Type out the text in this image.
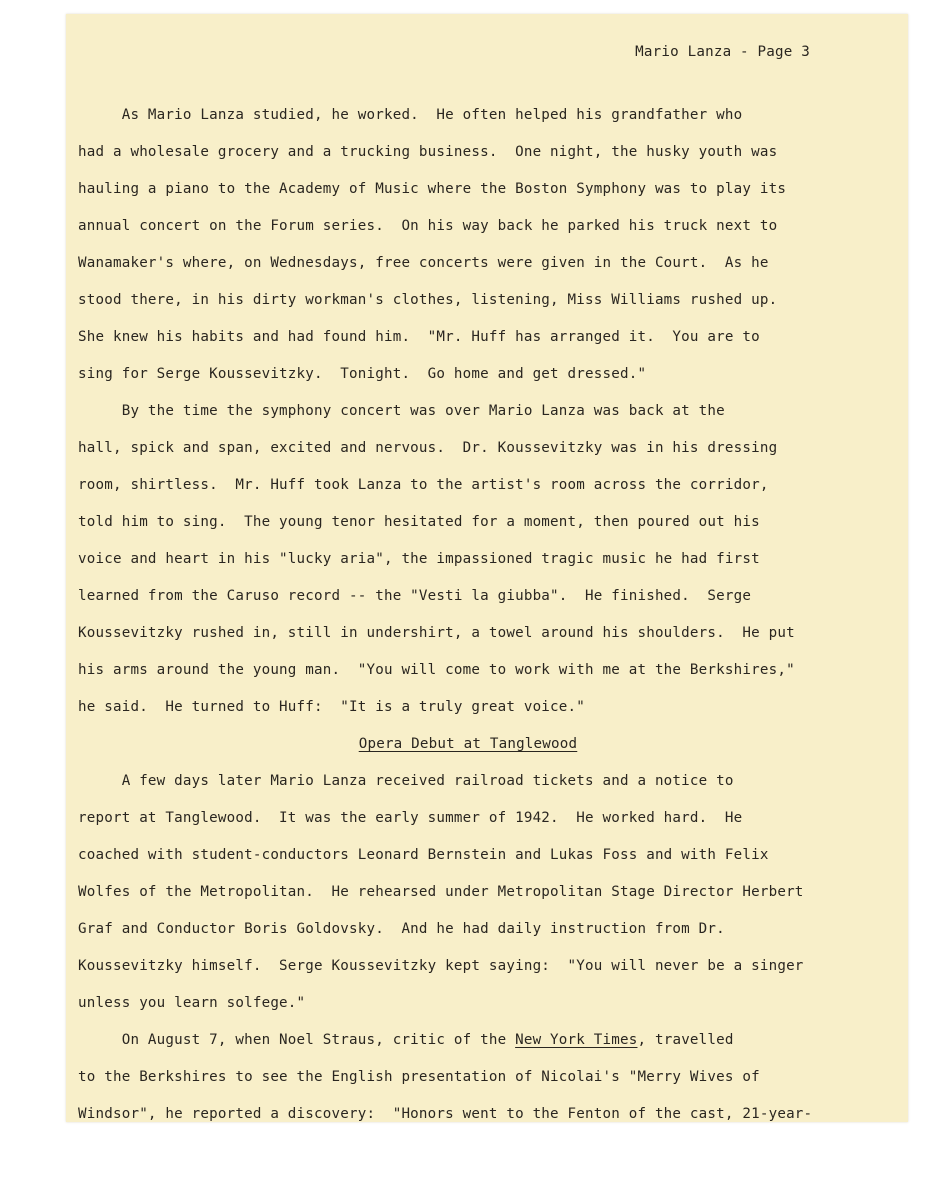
Mario Lanza - Page 3
As Mario Lanza studied, he worked.  He often helped his grandfather who
had a wholesale grocery and a trucking business.  One night, the husky youth was
hauling a piano to the Academy of Music where the Boston Symphony was to play its
annual concert on the Forum series.  On his way back he parked his truck next to
Wanamaker's where, on Wednesdays, free concerts were given in the Court.  As he
stood there, in his dirty workman's clothes, listening, Miss Williams rushed up.
She knew his habits and had found him.  "Mr. Huff has arranged it.  You are to
sing for Serge Koussevitzky.  Tonight.  Go home and get dressed."
By the time the symphony concert was over Mario Lanza was back at the
hall, spick and span, excited and nervous.  Dr. Koussevitzky was in his dressing
room, shirtless.  Mr. Huff took Lanza to the artist's room across the corridor,
told him to sing.  The young tenor hesitated for a moment, then poured out his
voice and heart in his "lucky aria", the impassioned tragic music he had first
learned from the Caruso record -- the "Vesti la giubba".  He finished.  Serge
Koussevitzky rushed in, still in undershirt, a towel around his shoulders.  He put
his arms around the young man.  "You will come to work with me at the Berkshires,"
he said.  He turned to Huff:  "It is a truly great voice."
Opera Debut at Tanglewood
A few days later Mario Lanza received railroad tickets and a notice to
report at Tanglewood.  It was the early summer of 1942.  He worked hard.  He
coached with student-conductors Leonard Bernstein and Lukas Foss and with Felix
Wolfes of the Metropolitan.  He rehearsed under Metropolitan Stage Director Herbert
Graf and Conductor Boris Goldovsky.  And he had daily instruction from Dr.
Koussevitzky himself.  Serge Koussevitzky kept saying:  "You will never be a singer
unless you learn solfege."
On August 7, when Noel Straus, critic of the New York Times, travelled
to the Berkshires to see the English presentation of Nicolai's "Merry Wives of
Windsor", he reported a discovery:  "Honors went to the Fenton of the cast, 21-year-
